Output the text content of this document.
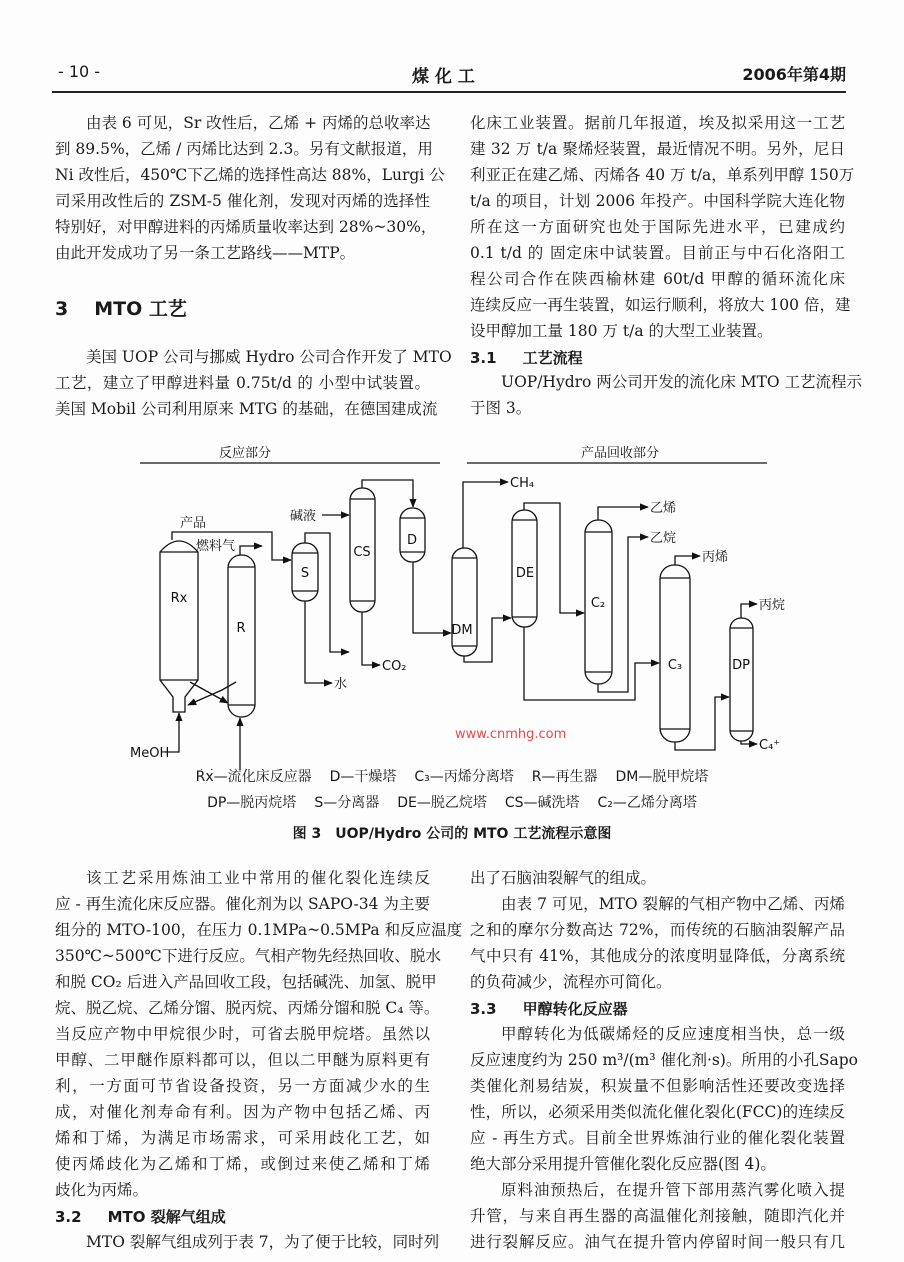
- 10 -	煤 化 工	2006年第4期
3 MTO 工艺
3.1 工艺流程
3.2 MTO 裂解气组成
3.3 甲醇转化反应器
由表 6 可见，Sr 改性后，乙烯 + 丙烯的总收率达
到 89.5%，乙烯 / 丙烯比达到 2.3。另有文献报道，用
Ni 改性后，450℃下乙烯的选择性高达 88%，Lurgi 公
司采用改性后的 ZSM-5 催化剂，发现对丙烯的选择性
特别好，对甲醇进料的丙烯质量收率达到 28%~30%，
由此开发成功了另一条工艺路线——MTP。
美国 UOP 公司与挪威 Hydro 公司合作开发了 MTO
工艺，建立了甲醇进料量 0.75t/d 的 小型中试装置。
美国 Mobil 公司利用原来 MTG 的基础，在德国建成流
化床工业装置。据前几年报道，埃及拟采用这一工艺
建 32 万 t/a 聚烯烃装置，最近情况不明。另外，尼日
利亚正在建乙烯、丙烯各 40 万 t/a，单系列甲醇 150万
t/a 的项目，计划 2006 年投产。中国科学院大连化物
所在这一方面研究也处于国际先进水平，已建成约
0.1 t/d 的 固定床中试装置。目前正与中石化洛阳工
程公司合作在陕西榆林建 60t/d 甲醇的循环流化床
连续反应一再生装置，如运行顺利，将放大 100 倍，建
设甲醇加工量 180 万 t/a 的大型工业装置。
UOP/Hydro 两公司开发的流化床 MTO 工艺流程示
于图 3。
该工艺采用炼油工业中常用的催化裂化连续反
应 - 再生流化床反应器。催化剂为以 SAPO-34 为主要
组分的 MTO-100，在压力 0.1MPa~0.5MPa 和反应温度
350℃~500℃下进行反应。气相产物先经热回收、脱水
和脱 CO₂ 后进入产品回收工段，包括碱洗、加氢、脱甲
烷、脱乙烷、乙烯分馏、脱丙烷、丙烯分馏和脱 C₄ 等。
当反应产物中甲烷很少时，可省去脱甲烷塔。虽然以
甲醇、二甲醚作原料都可以，但以二甲醚为原料更有
利，一方面可节省设备投资，另一方面减少水的生
成，对催化剂寿命有利。因为产物中包括乙烯、丙
烯和丁烯，为满足市场需求，可采用歧化工艺，如
使丙烯歧化为乙烯和丁烯，或倒过来使乙烯和丁烯
歧化为丙烯。
MTO 裂解气组成列于表 7，为了便于比较，同时列
出了石脑油裂解气的组成。
由表 7 可见，MTO 裂解的气相产物中乙烯、丙烯
之和的摩尔分数高达 72%，而传统的石脑油裂解产品
气中只有 41%，其他成分的浓度明显降低，分离系统
的负荷减少，流程亦可简化。
甲醇转化为低碳烯烃的反应速度相当快，总一级
反应速度约为 250 m³/(m³ 催化剂·s)。所用的小孔Sapo
类催化剂易结炭，积炭量不但影响活性还要改变选择
性，所以，必须采用类似流化催化裂化(FCC)的连续反
应 - 再生方式。目前全世界炼油行业的催化裂化装置
绝大部分采用提升管催化裂化反应器(图 4)。
原料油预热后，在提升管下部用蒸汽雾化喷入提
升管，与来自再生器的高温催化剂接触，随即汽化并
进行裂解反应。油气在提升管内停留时间一般只有几
反应部分	产品回收部分
Rx
R
S
CS
D
DM
DE
C₂
C₃	DP
产品
燃料气
MeOH
碱液
水
CO₂
CH₄
乙烯
乙烷
丙烯
丙烷
C₄⁺
www.cnmhg.com
Rx—流化床反应器 D—干燥塔 C₃—丙烯分离塔 R—再生器 DM—脱甲烷塔
DP—脱丙烷塔 S—分离器 DE—脱乙烷塔 CS—碱洗塔 C₂—乙烯分离塔
图 3　UOP/Hydro 公司的 MTO 工艺流程示意图
